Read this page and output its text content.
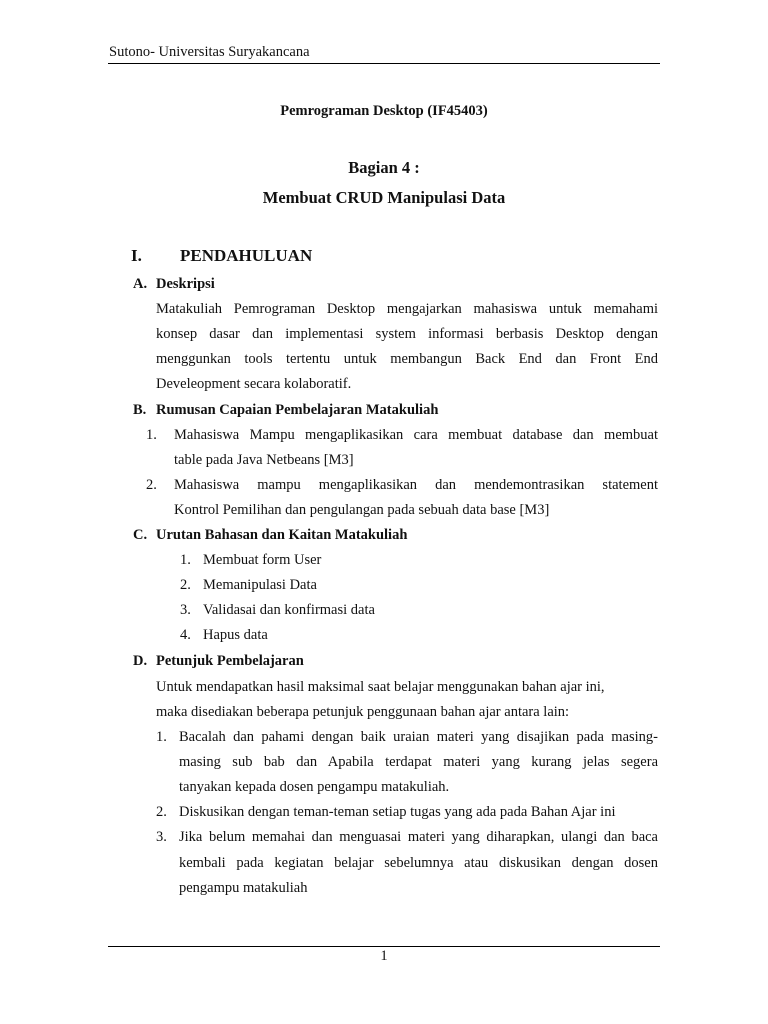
Sutono- Universitas Suryakancana
Pemrograman Desktop (IF45403)
Bagian 4 :
Membuat CRUD Manipulasi Data
I. PENDAHULUAN
A. Deskripsi
Matakuliah Pemrograman Desktop mengajarkan mahasiswa untuk memahami
konsep dasar dan implementasi system informasi berbasis Desktop dengan
menggunkan tools tertentu untuk membangun Back End dan Front End
Develeopment secara kolaboratif.
B. Rumusan Capaian Pembelajaran Matakuliah
1. Mahasiswa Mampu mengaplikasikan cara membuat database dan membuat
table pada Java Netbeans [M3]
2. Mahasiswa mampu mengaplikasikan dan mendemontrasikan statement
Kontrol Pemilihan dan pengulangan pada sebuah data base [M3]
C. Urutan Bahasan dan Kaitan Matakuliah
1. Membuat form User
2. Memanipulasi Data
3. Validasai dan konfirmasi data
4. Hapus data
D. Petunjuk Pembelajaran
Untuk mendapatkan hasil maksimal saat belajar menggunakan bahan ajar ini,
maka disediakan beberapa petunjuk penggunaan bahan ajar antara lain:
1. Bacalah dan pahami dengan baik uraian materi yang disajikan pada masing-
masing sub bab dan Apabila terdapat materi yang kurang jelas segera
tanyakan kepada dosen pengampu matakuliah.
2. Diskusikan dengan teman-teman setiap tugas yang ada pada Bahan Ajar ini
3. Jika belum memahai dan menguasai materi yang diharapkan, ulangi dan baca
kembali pada kegiatan belajar sebelumnya atau diskusikan dengan dosen
pengampu matakuliah
1
